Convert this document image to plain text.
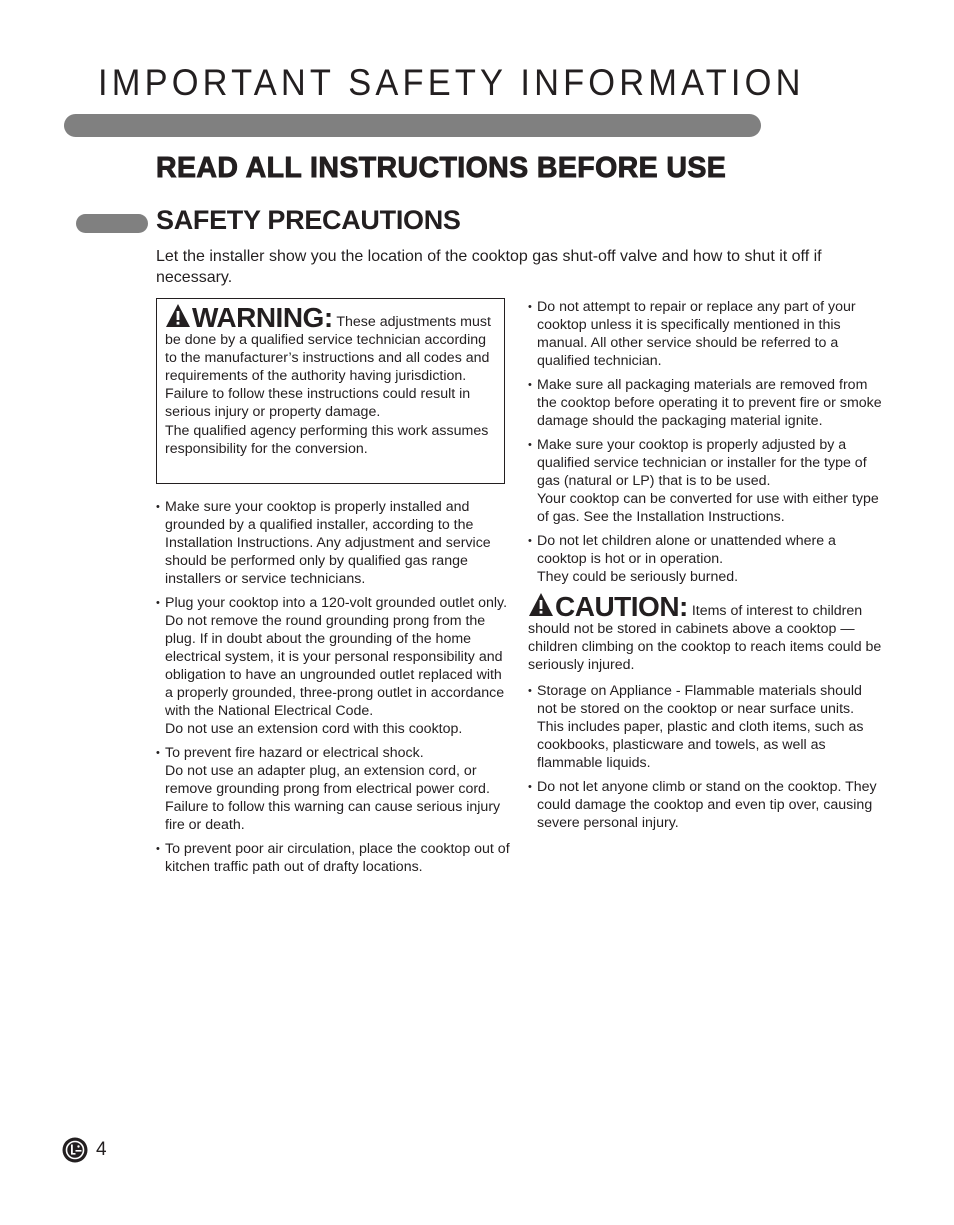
IMPORTANT SAFETY INFORMATION
READ ALL INSTRUCTIONS BEFORE USE
SAFETY PRECAUTIONS
Let the installer show you the location of the cooktop gas shut-off valve and how to shut it off if necessary.
WARNING: These adjustments must be done by a qualified service technician according to the manufacturer’s instructions and all codes and requirements of the authority having jurisdiction.
Failure to follow these instructions could result in serious injury or property damage.
The qualified agency performing this work assumes responsibility for the conversion.
• Make sure your cooktop is properly installed and grounded by a qualified installer, according to the Installation Instructions. Any adjustment and service should be performed only by qualified gas range installers or service technicians.
• Plug your cooktop into a 120-volt grounded outlet only. Do not remove the round grounding prong from the plug. If in doubt about the grounding of the home electrical system, it is your personal responsibility and obligation to have an ungrounded outlet replaced with a properly grounded, three-prong outlet in accordance with the National Electrical Code.
Do not use an extension cord with this cooktop.
• To prevent fire hazard or electrical shock.
Do not use an adapter plug, an extension cord, or remove grounding prong from electrical power cord. Failure to follow this warning can cause serious injury fire or death.
• To prevent poor air circulation, place the cooktop out of kitchen traffic path out of drafty locations.
• Do not attempt to repair or replace any part of your cooktop unless it is specifically mentioned in this manual. All other service should be referred to a qualified technician.
• Make sure all packaging materials are removed from the cooktop before operating it to prevent fire or smoke damage should the packaging material ignite.
• Make sure your cooktop is properly adjusted by a qualified service technician or installer for the type of gas (natural or LP) that is to be used.
Your cooktop can be converted for use with either type of gas. See the Installation Instructions.
• Do not let children alone or unattended where a cooktop is hot or in operation.
They could be seriously burned.
CAUTION: Items of interest to children should not be stored in cabinets above a cooktop —children climbing on the cooktop to reach items could be seriously injured.
• Storage on Appliance - Flammable materials should not be stored on the cooktop or near surface units. This includes paper, plastic and cloth items, such as cookbooks, plasticware and towels, as well as flammable liquids.
• Do not let anyone climb or stand on the cooktop. They could damage the cooktop and even tip over, causing severe personal injury.
4
